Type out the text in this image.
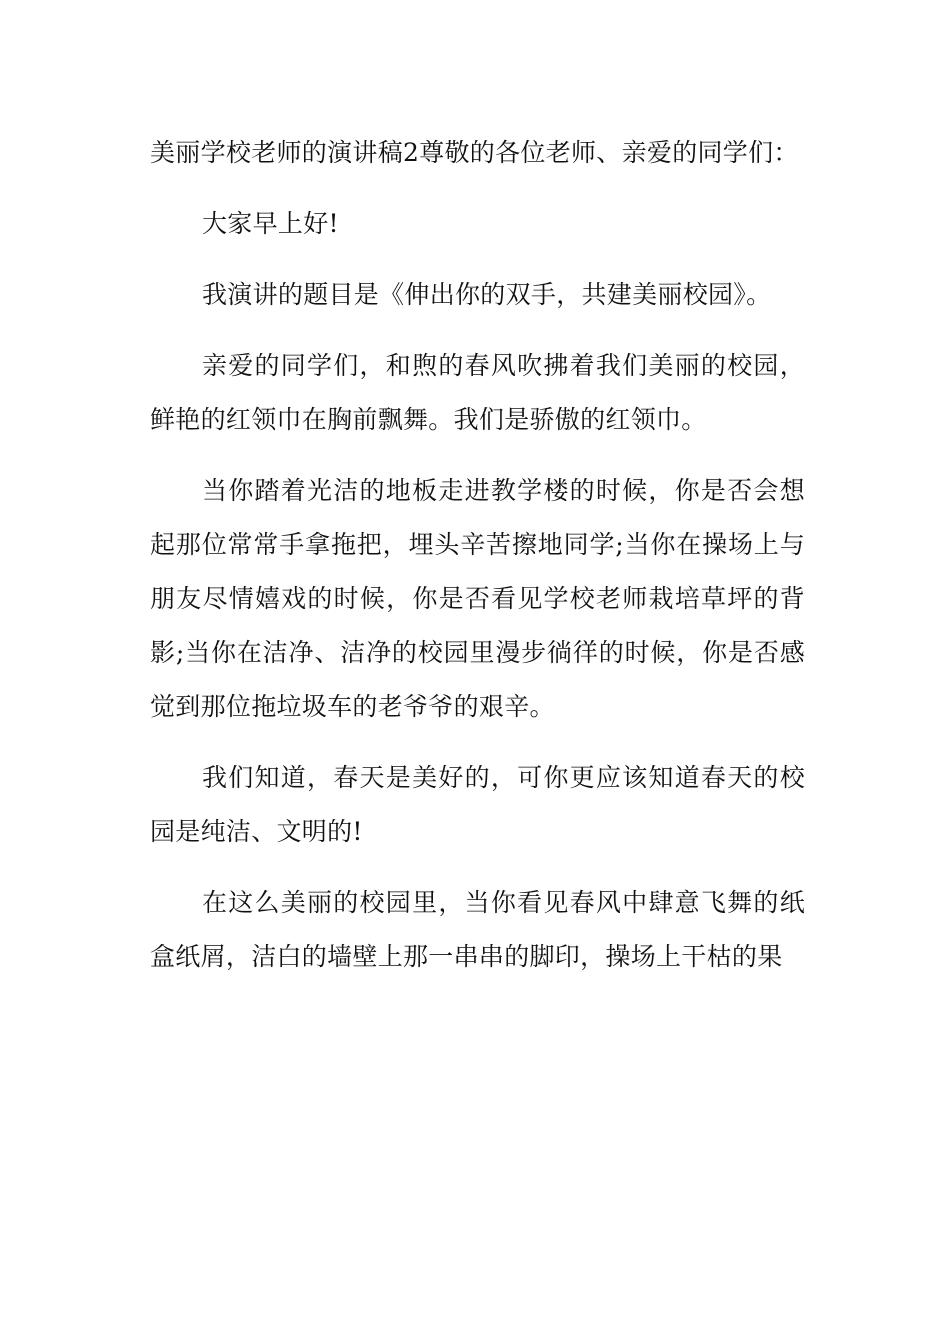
美丽学校老师的演讲稿2尊敬的各位老师、亲爱的同学们：

大家早上好!

我演讲的题目是《伸出你的双手，共建美丽校园》。

亲爱的同学们，和煦的春风吹拂着我们美丽的校园，鲜艳的红领巾在胸前飘舞。我们是骄傲的红领巾。

当你踏着光洁的地板走进教学楼的时候，你是否会想起那位常常手拿拖把，埋头辛苦擦地同学;当你在操场上与朋友尽情嬉戏的时候，你是否看见学校老师栽培草坪的背影;当你在洁净、洁净的校园里漫步徜徉的时候，你是否感觉到那位拖垃圾车的老爷爷的艰辛。

我们知道，春天是美好的，可你更应该知道春天的校园是纯洁、文明的!

在这么美丽的校园里，当你看见春风中肆意飞舞的纸盒纸屑，洁白的墙壁上那一串串的脚印，操场上干枯的果
